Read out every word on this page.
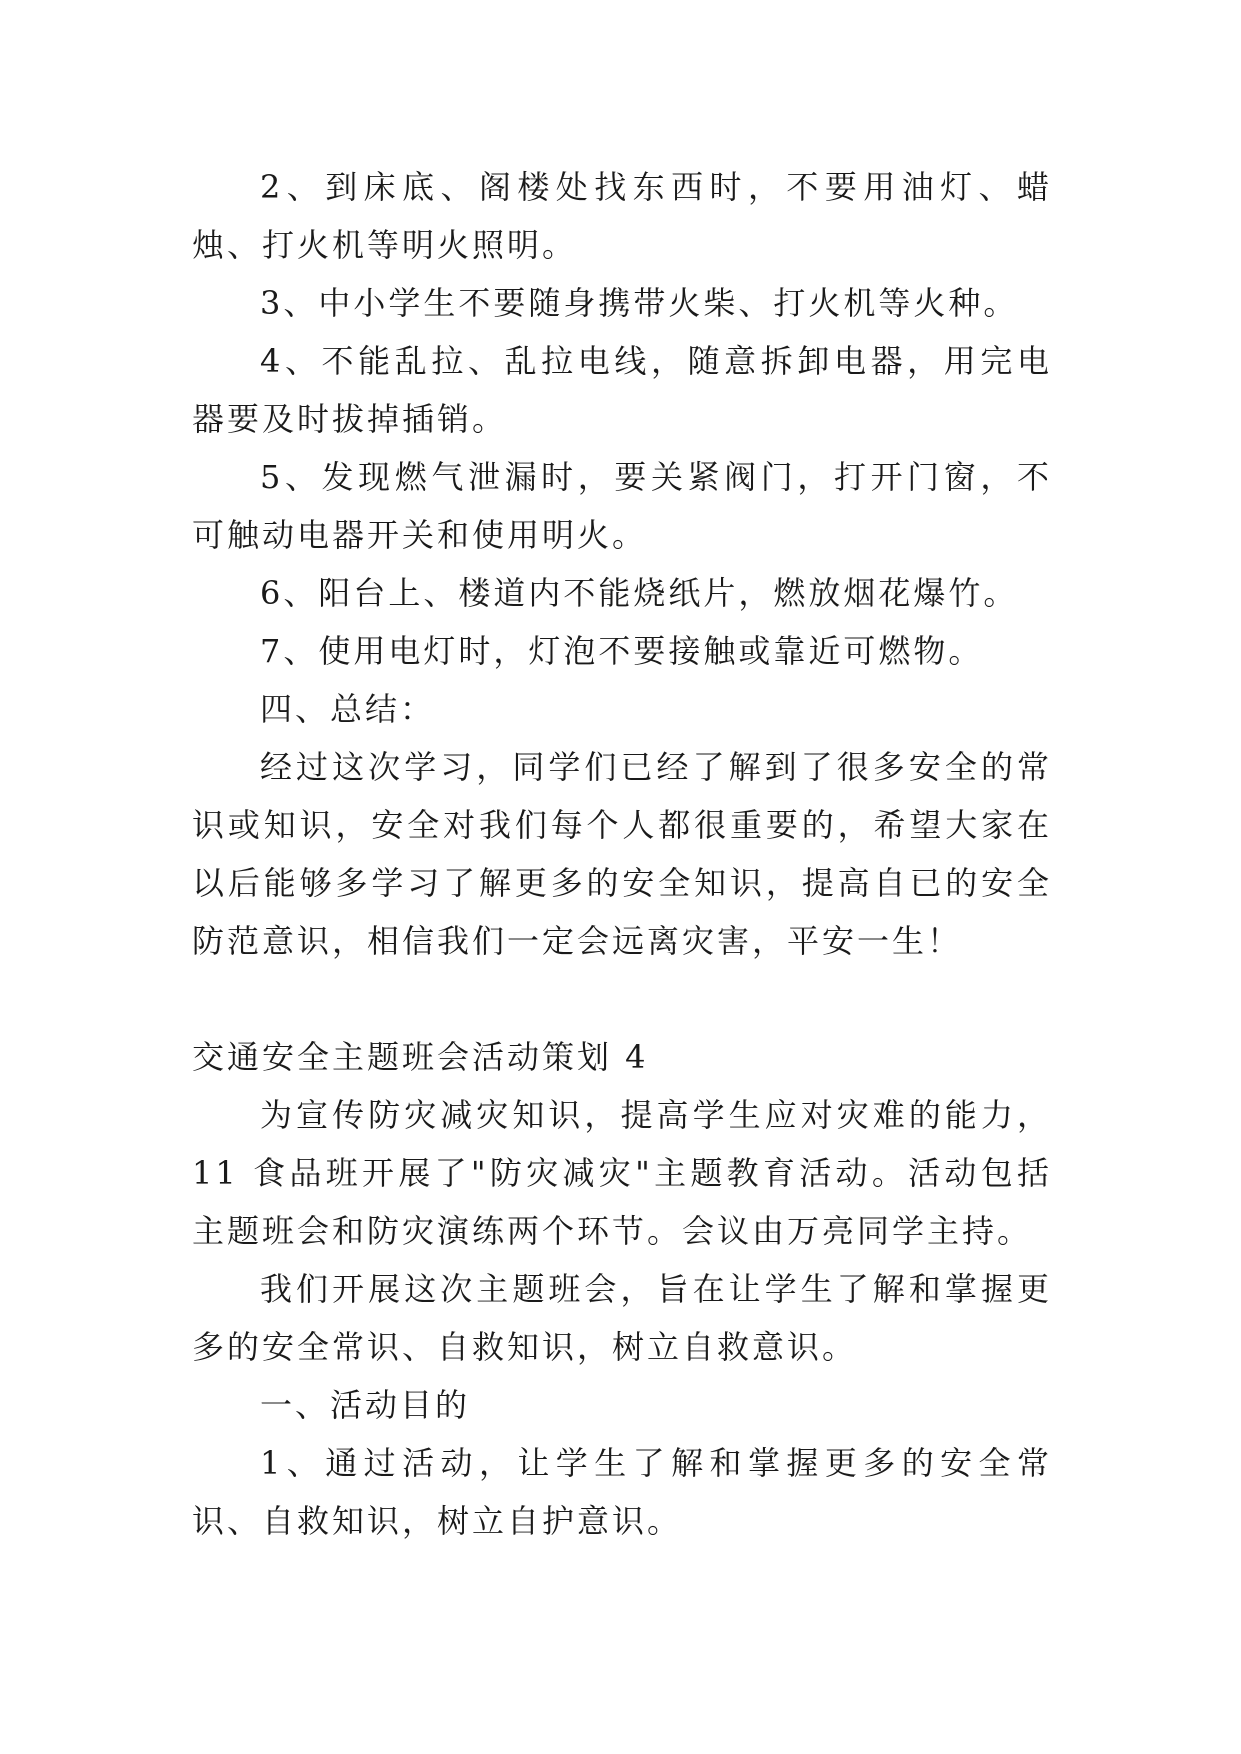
2、到床底、阁楼处找东西时，不要用油灯、蜡烛、打火机等明火照明。

3、中小学生不要随身携带火柴、打火机等火种。

4、不能乱拉、乱拉电线，随意拆卸电器，用完电器要及时拔掉插销。

5、发现燃气泄漏时，要关紧阀门，打开门窗，不可触动电器开关和使用明火。

6、阳台上、楼道内不能烧纸片，燃放烟花爆竹。

7、使用电灯时，灯泡不要接触或靠近可燃物。

四、总结：

经过这次学习，同学们已经了解到了很多安全的常识或知识，安全对我们每个人都很重要的，希望大家在以后能够多学习了解更多的安全知识，提高自已的安全防范意识，相信我们一定会远离灾害，平安一生！

交通安全主题班会活动策划 4

为宣传防灾减灾知识，提高学生应对灾难的能力，11 食品班开展了"防灾减灾"主题教育活动。活动包括主题班会和防灾演练两个环节。会议由万亮同学主持。

我们开展这次主题班会，旨在让学生了解和掌握更多的安全常识、自救知识，树立自救意识。

一、活动目的

1、通过活动，让学生了解和掌握更多的安全常识、自救知识，树立自护意识。
